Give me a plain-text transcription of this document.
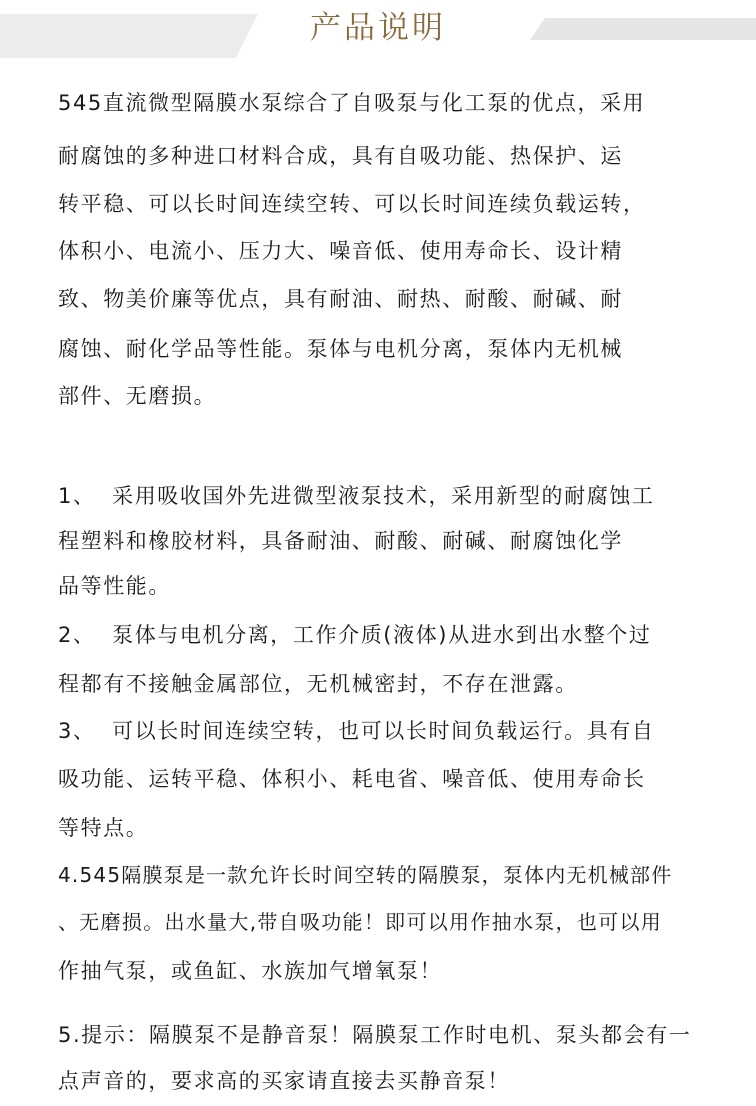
产品说明
545直流微型隔膜水泵综合了自吸泵与化工泵的优点，采用
耐腐蚀的多种进口材料合成，具有自吸功能、热保护、运
转平稳、可以长时间连续空转、可以长时间连续负载运转，
体积小、电流小、压力大、噪音低、使用寿命长、设计精
致、物美价廉等优点，具有耐油、耐热、耐酸、耐碱、耐
腐蚀、耐化学品等性能。泵体与电机分离，泵体内无机械
部件、无磨损。
1、  采用吸收国外先进微型液泵技术，采用新型的耐腐蚀工
程塑料和橡胶材料，具备耐油、耐酸、耐碱、耐腐蚀化学
品等性能。
2、  泵体与电机分离，工作介质(液体)从进水到出水整个过
程都有不接触金属部位，无机械密封，不存在泄露。
3、  可以长时间连续空转，也可以长时间负载运行。具有自
吸功能、运转平稳、体积小、耗电省、噪音低、使用寿命长
等特点。
4.545隔膜泵是一款允许长时间空转的隔膜泵，泵体内无机械部件
、无磨损。出水量大,带自吸功能！即可以用作抽水泵，也可以用
作抽气泵，或鱼缸、水族加气增氧泵！
5.提示：隔膜泵不是静音泵！隔膜泵工作时电机、泵头都会有一
点声音的，要求高的买家请直接去买静音泵！
